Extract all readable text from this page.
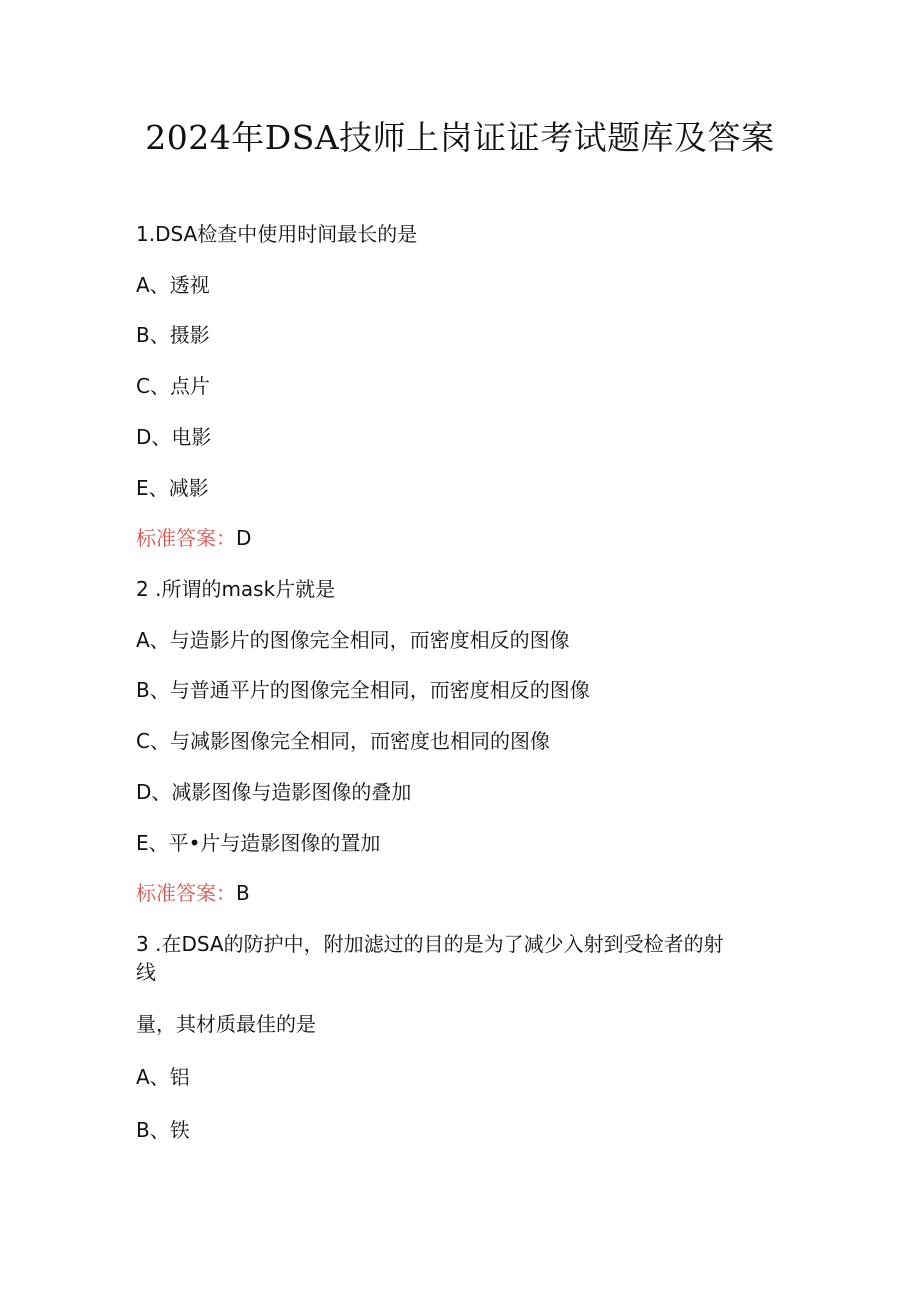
2024年DSA技师上岗证证考试题库及答案
1.DSA检查中使用时间最长的是
A、透视
B、摄影
C、点片
D、电影
E、减影
标准答案：D
2 .所谓的mask片就是
A、与造影片的图像完全相同，而密度相反的图像
B、与普通平片的图像完全相同，而密度相反的图像
C、与减影图像完全相同，而密度也相同的图像
D、减影图像与造影图像的叠加
E、平•片与造影图像的置加
标准答案：B
3 .在DSA的防护中，附加滤过的目的是为了减少入射到受检者的射
线
量，其材质最佳的是
A、铝
B、铁
